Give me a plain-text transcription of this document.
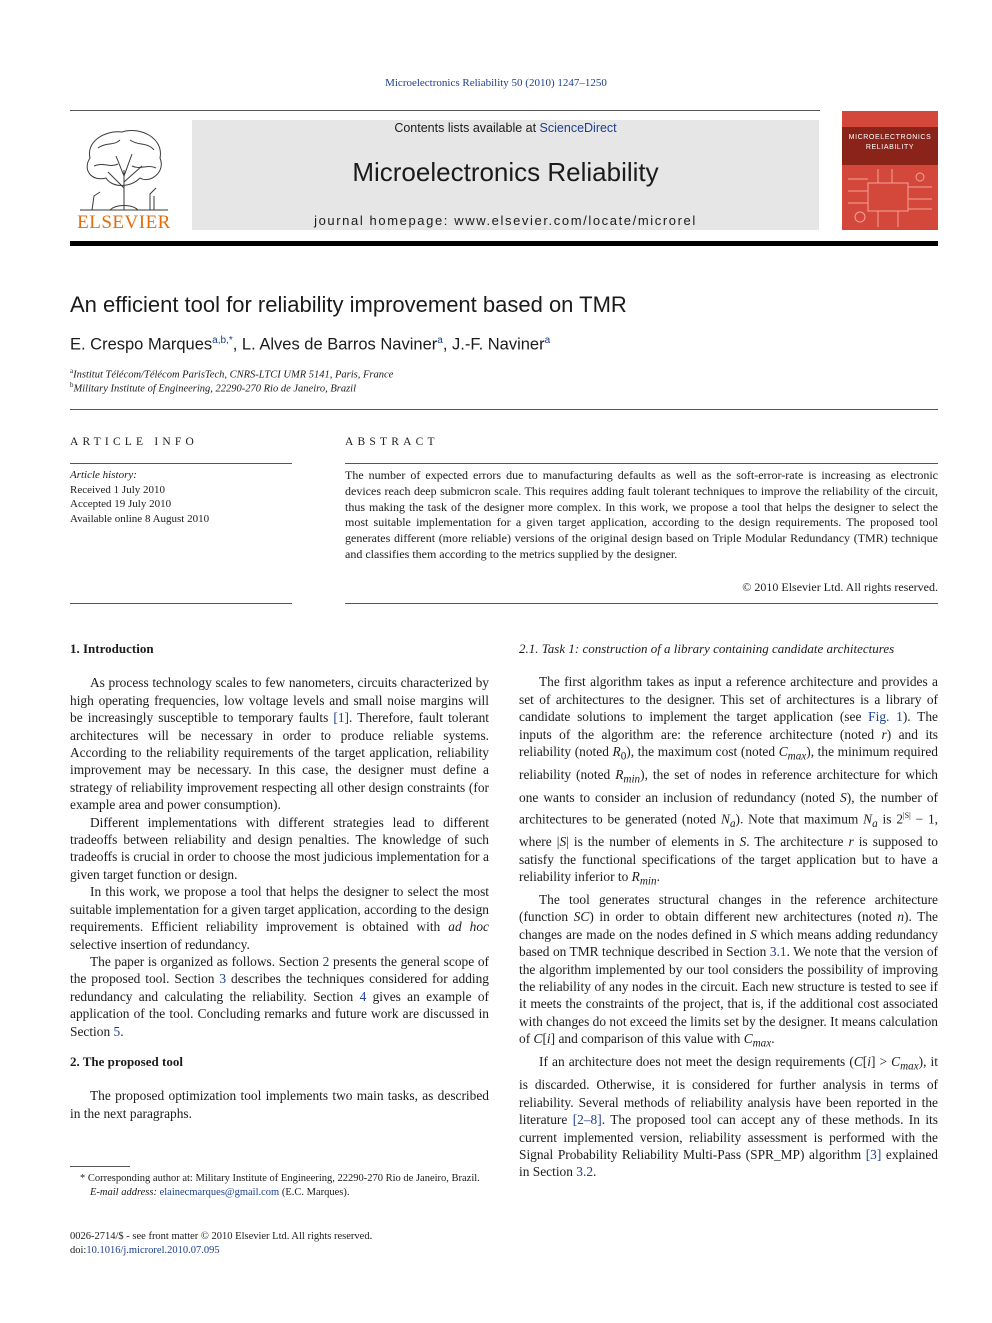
Microelectronics Reliability 50 (2010) 1247–1250
ELSEVIER
Contents lists available at ScienceDirect
Microelectronics Reliability
journal homepage: www.elsevier.com/locate/microrel
MICROELECTRONICS
RELIABILITY
An efficient tool for reliability improvement based on TMR
E. Crespo Marques$^{a,b,*}$, L. Alves de Barros Naviner$^a$, J.-F. Naviner$^a$
$^a$Institut Télécom/Télécom ParisTech, CNRS-LTCI UMR 5141, Paris, France
$^b$Military Institute of Engineering, 22290-270 Rio de Janeiro, Brazil
ARTICLE INFO	ABSTRACT
Article history:
Received 1 July 2010
Accepted 19 July 2010
Available online 8 August 2010
The number of expected errors due to manufacturing defaults as well as the soft-error-rate is increasing as electronic devices reach deep submicron scale. This requires adding fault tolerant techniques to improve the reliability of the circuit, thus making the task of the designer more complex. In this work, we propose a tool that helps the designer to select the most suitable implementation for a given target application, according to the design requirements. The proposed tool generates different (more reliable) versions of the original design based on Triple Modular Redundancy (TMR) technique and classifies them according to the metrics supplied by the designer.
© 2010 Elsevier Ltd. All rights reserved.
1. Introduction

As process technology scales to few nanometers, circuits characterized by high operating frequencies, low voltage levels and small noise margins will be increasingly susceptible to temporary faults [1]. Therefore, fault tolerant architectures will be necessary in order to produce reliable systems. According to the reliability requirements of the target application, reliability improvement may be necessary. In this case, the designer must define a strategy of reliability improvement respecting all other design constraints (for example area and power consumption).

Different implementations with different strategies lead to different tradeoffs between reliability and design penalties. The knowledge of such tradeoffs is crucial in order to choose the most judicious implementation for a given target function or design.

In this work, we propose a tool that helps the designer to select the most suitable implementation for a given target application, according to the design requirements. Efficient reliability improvement is obtained with ad hoc selective insertion of redundancy.

The paper is organized as follows. Section 2 presents the general scope of the proposed tool. Section 3 describes the techniques considered for adding redundancy and calculating the reliability. Section 4 gives an example of application of the tool. Concluding remarks and future work are discussed in Section 5.

2. The proposed tool

The proposed optimization tool implements two main tasks, as described in the next paragraphs.

2.1. Task 1: construction of a library containing candidate architectures

The first algorithm takes as input a reference architecture and provides a set of architectures to the designer. This set of architectures is a library of candidate solutions to implement the target application (see Fig. 1). The inputs of the algorithm are: the reference architecture (noted r) and its reliability (noted $R_0$), the maximum cost (noted $C_{max}$), the minimum required reliability (noted $R_{min}$), the set of nodes in reference architecture for which one wants to consider an inclusion of redundancy (noted S), the number of architectures to be generated (noted $N_a$). Note that maximum $N_a$ is $2^{|S|} - 1$, where |S| is the number of elements in S. The architecture r is supposed to satisfy the functional specifications of the target application but to have a reliability inferior to $R_{min}$.

The tool generates structural changes in the reference architecture (function SC) in order to obtain different new architectures (noted n). The changes are made on the nodes defined in S which means adding redundancy based on TMR technique described in Section 3.1. We note that the version of the algorithm implemented by our tool considers the possibility of improving the reliability of any nodes in the circuit. Each new structure is tested to see if it meets the constraints of the project, that is, if the additional cost associated with changes do not exceed the limits set by the designer. It means calculation of C[i] and comparison of this value with $C_{max}$.

If an architecture does not meet the design requirements $(C[i] > C_{max})$, it is discarded. Otherwise, it is considered for further analysis in terms of reliability. Several methods of reliability analysis have been reported in the literature [2–8]. The proposed tool can accept any of these methods. In its current implemented version, reliability assessment is performed with the Signal Probability Reliability Multi-Pass (SPR_MP) algorithm [3] explained in Section 3.2.

* Corresponding author at: Military Institute of Engineering, 22290-270 Rio de Janeiro, Brazil.
E-mail address: elainecmarques@gmail.com (E.C. Marques).
0026-2714/$ - see front matter © 2010 Elsevier Ltd. All rights reserved.
doi:10.1016/j.microrel.2010.07.095
